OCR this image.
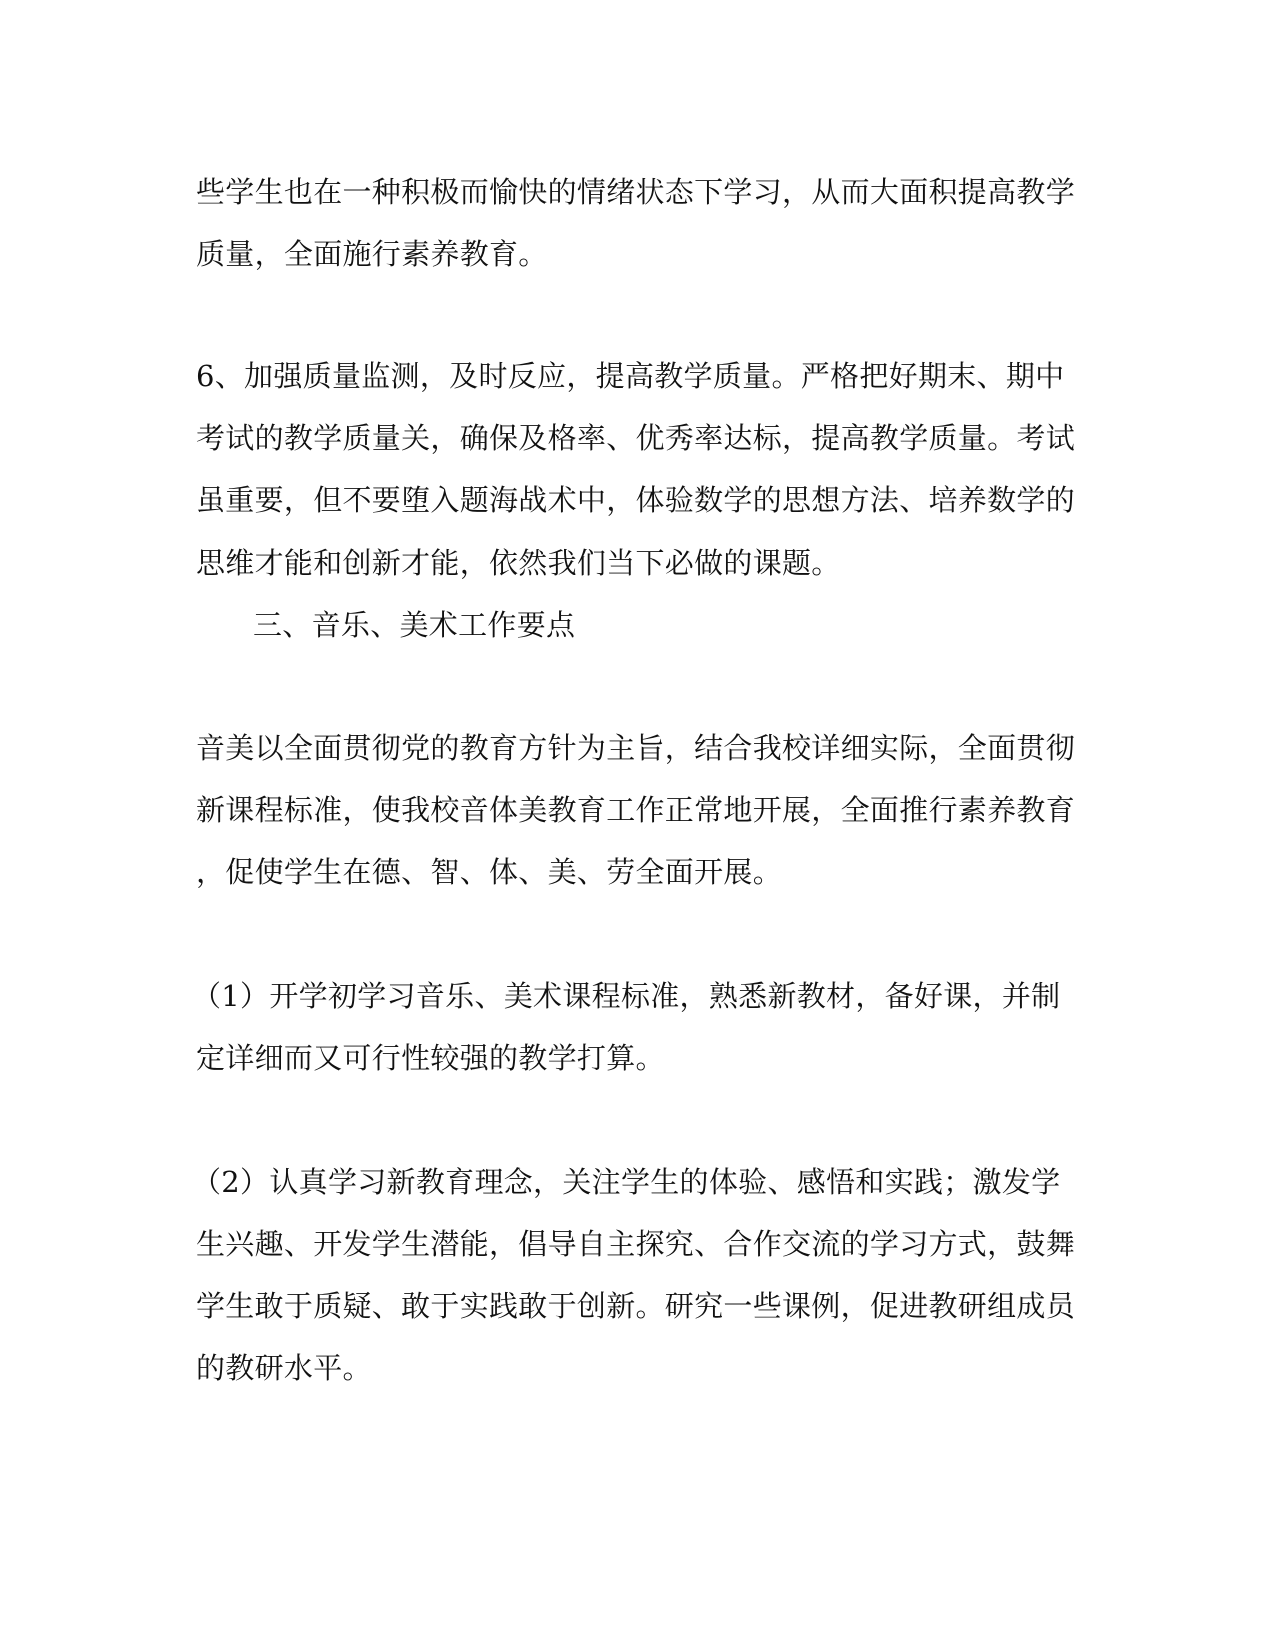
些学生也在一种积极而愉快的情绪状态下学习，从而大面积提高教学
质量，全面施行素养教育。
6、加强质量监测，及时反应，提高教学质量。严格把好期末、期中
考试的教学质量关，确保及格率、优秀率达标，提高教学质量。考试
虽重要，但不要堕入题海战术中，体验数学的思想方法、培养数学的
思维才能和创新才能，依然我们当下必做的课题。
三、音乐、美术工作要点
音美以全面贯彻党的教育方针为主旨，结合我校详细实际，全面贯彻
新课程标准，使我校音体美教育工作正常地开展，全面推行素养教育
，促使学生在德、智、体、美、劳全面开展。
（1）开学初学习音乐、美术课程标准，熟悉新教材，备好课，并制
定详细而又可行性较强的教学打算。
（2）认真学习新教育理念，关注学生的体验、感悟和实践；激发学
生兴趣、开发学生潜能，倡导自主探究、合作交流的学习方式，鼓舞
学生敢于质疑、敢于实践敢于创新。研究一些课例，促进教研组成员
的教研水平。
